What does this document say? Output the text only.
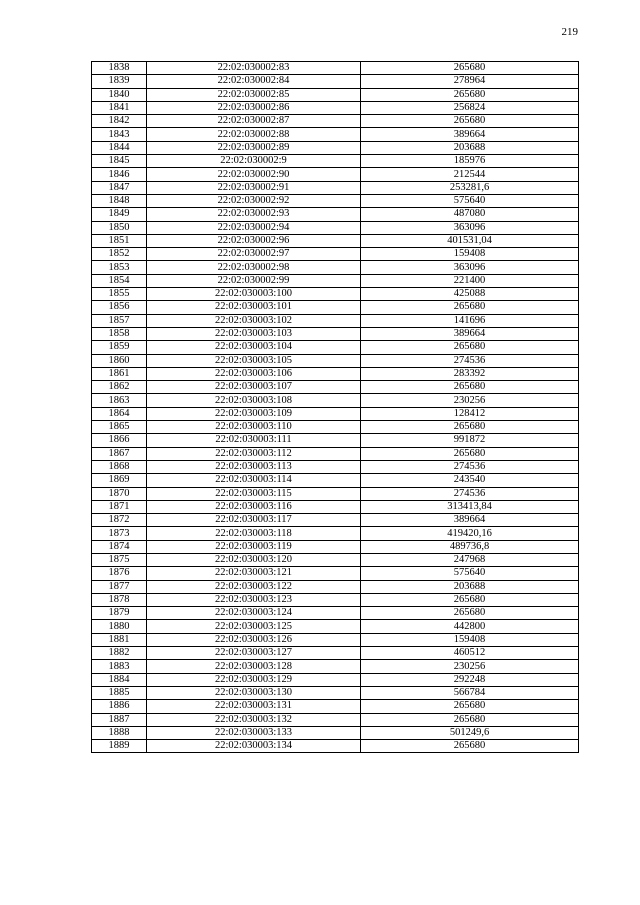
219
1838	22:02:030002:83	265680
1839	22:02:030002:84	278964
1840	22:02:030002:85	265680
1841	22:02:030002:86	256824
1842	22:02:030002:87	265680
1843	22:02:030002:88	389664
1844	22:02:030002:89	203688
1845	22:02:030002:9	185976
1846	22:02:030002:90	212544
1847	22:02:030002:91	253281,6
1848	22:02:030002:92	575640
1849	22:02:030002:93	487080
1850	22:02:030002:94	363096
1851	22:02:030002:96	401531,04
1852	22:02:030002:97	159408
1853	22:02:030002:98	363096
1854	22:02:030002:99	221400
1855	22:02:030003:100	425088
1856	22:02:030003:101	265680
1857	22:02:030003:102	141696
1858	22:02:030003:103	389664
1859	22:02:030003:104	265680
1860	22:02:030003:105	274536
1861	22:02:030003:106	283392
1862	22:02:030003:107	265680
1863	22:02:030003:108	230256
1864	22:02:030003:109	128412
1865	22:02:030003:110	265680
1866	22:02:030003:111	991872
1867	22:02:030003:112	265680
1868	22:02:030003:113	274536
1869	22:02:030003:114	243540
1870	22:02:030003:115	274536
1871	22:02:030003:116	313413,84
1872	22:02:030003:117	389664
1873	22:02:030003:118	419420,16
1874	22:02:030003:119	489736,8
1875	22:02:030003:120	247968
1876	22:02:030003:121	575640
1877	22:02:030003:122	203688
1878	22:02:030003:123	265680
1879	22:02:030003:124	265680
1880	22:02:030003:125	442800
1881	22:02:030003:126	159408
1882	22:02:030003:127	460512
1883	22:02:030003:128	230256
1884	22:02:030003:129	292248
1885	22:02:030003:130	566784
1886	22:02:030003:131	265680
1887	22:02:030003:132	265680
1888	22:02:030003:133	501249,6
1889	22:02:030003:134	265680
